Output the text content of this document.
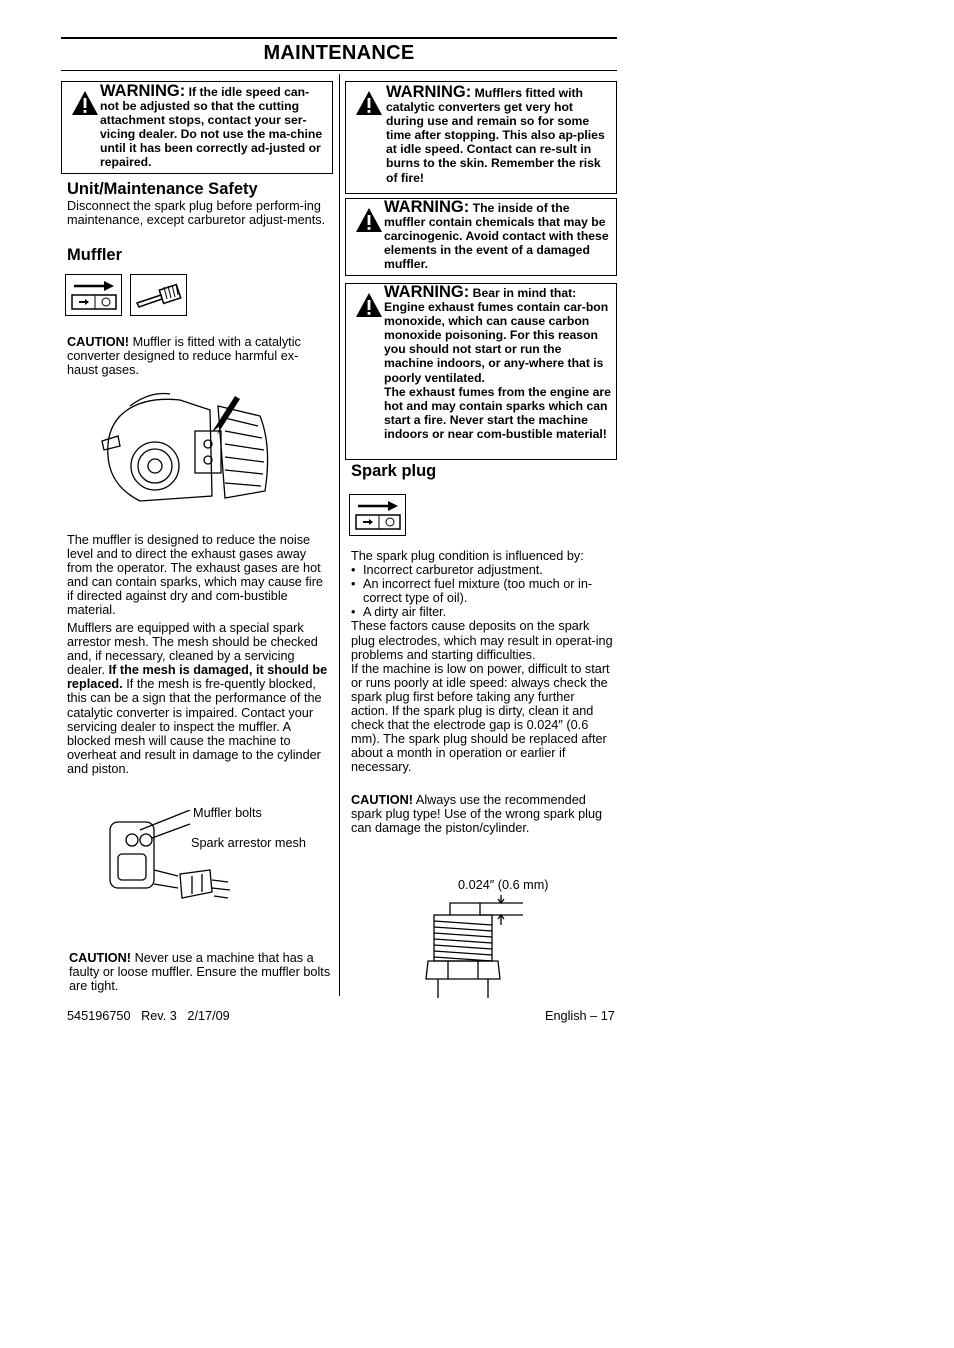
MAINTENANCE
WARNING: If the idle speed can-not be adjusted so that the cutting attachment stops, contact your ser-vicing dealer. Do not use the ma-chine until it has been correctly ad-justed or repaired.
Unit/Maintenance Safety
Disconnect the spark plug before perform-ing maintenance, except carburetor adjust-ments.
Muffler
CAUTION! Muffler is fitted with a catalytic converter designed to reduce harmful ex-haust gases.
The muffler is designed to reduce the noise level and to direct the exhaust gases away from the operator. The exhaust gases are hot and can contain sparks, which may cause fire if directed against dry and com-bustible material.
Mufflers are equipped with a special spark arrestor mesh. The mesh should be checked and, if necessary, cleaned by a servicing dealer. If the mesh is damaged, it should be replaced. If the mesh is fre-quently blocked, this can be a sign that the performance of the catalytic converter is impaired. Contact your servicing dealer to inspect the muffler. A blocked mesh will cause the machine to overheat and result in damage to the cylinder and piston.
Muffler bolts
Spark arrestor mesh
CAUTION! Never use a machine that has a faulty or loose muffler. Ensure the muffler bolts are tight.
WARNING: Mufflers fitted with catalytic converters get very hot during use and remain so for some time after stopping. This also ap-plies at idle speed. Contact can re-sult in burns to the skin. Remember the risk of fire!
WARNING: The inside of the muffler contain chemicals that may be carcinogenic. Avoid contact with these elements in the event of a damaged muffler.
WARNING: Bear in mind that: Engine exhaust fumes contain car-bon monoxide, which can cause carbon monoxide poisoning. For this reason you should not start or run the machine indoors, or any-where that is poorly ventilated.
The exhaust fumes from the engine are hot and may contain sparks which can start a fire. Never start the machine indoors or near com-bustible material!
Spark plug
The spark plug condition is influenced by:
• Incorrect carburetor adjustment.
• An incorrect fuel mixture (too much or in-correct type of oil).
• A dirty air filter.
These factors cause deposits on the spark plug electrodes, which may result in operat-ing problems and starting difficulties.
If the machine is low on power, difficult to start or runs poorly at idle speed: always check the spark plug first before taking any further action. If the spark plug is dirty, clean it and check that the electrode gap is 0.024″ (0.6 mm). The spark plug should be replaced after about a month in operation or earlier if necessary.
CAUTION! Always use the recommended spark plug type! Use of the wrong spark plug can damage the piston/cylinder.
0.024″ (0.6 mm)
545196750   Rev. 3   2/17/09	English – 17
